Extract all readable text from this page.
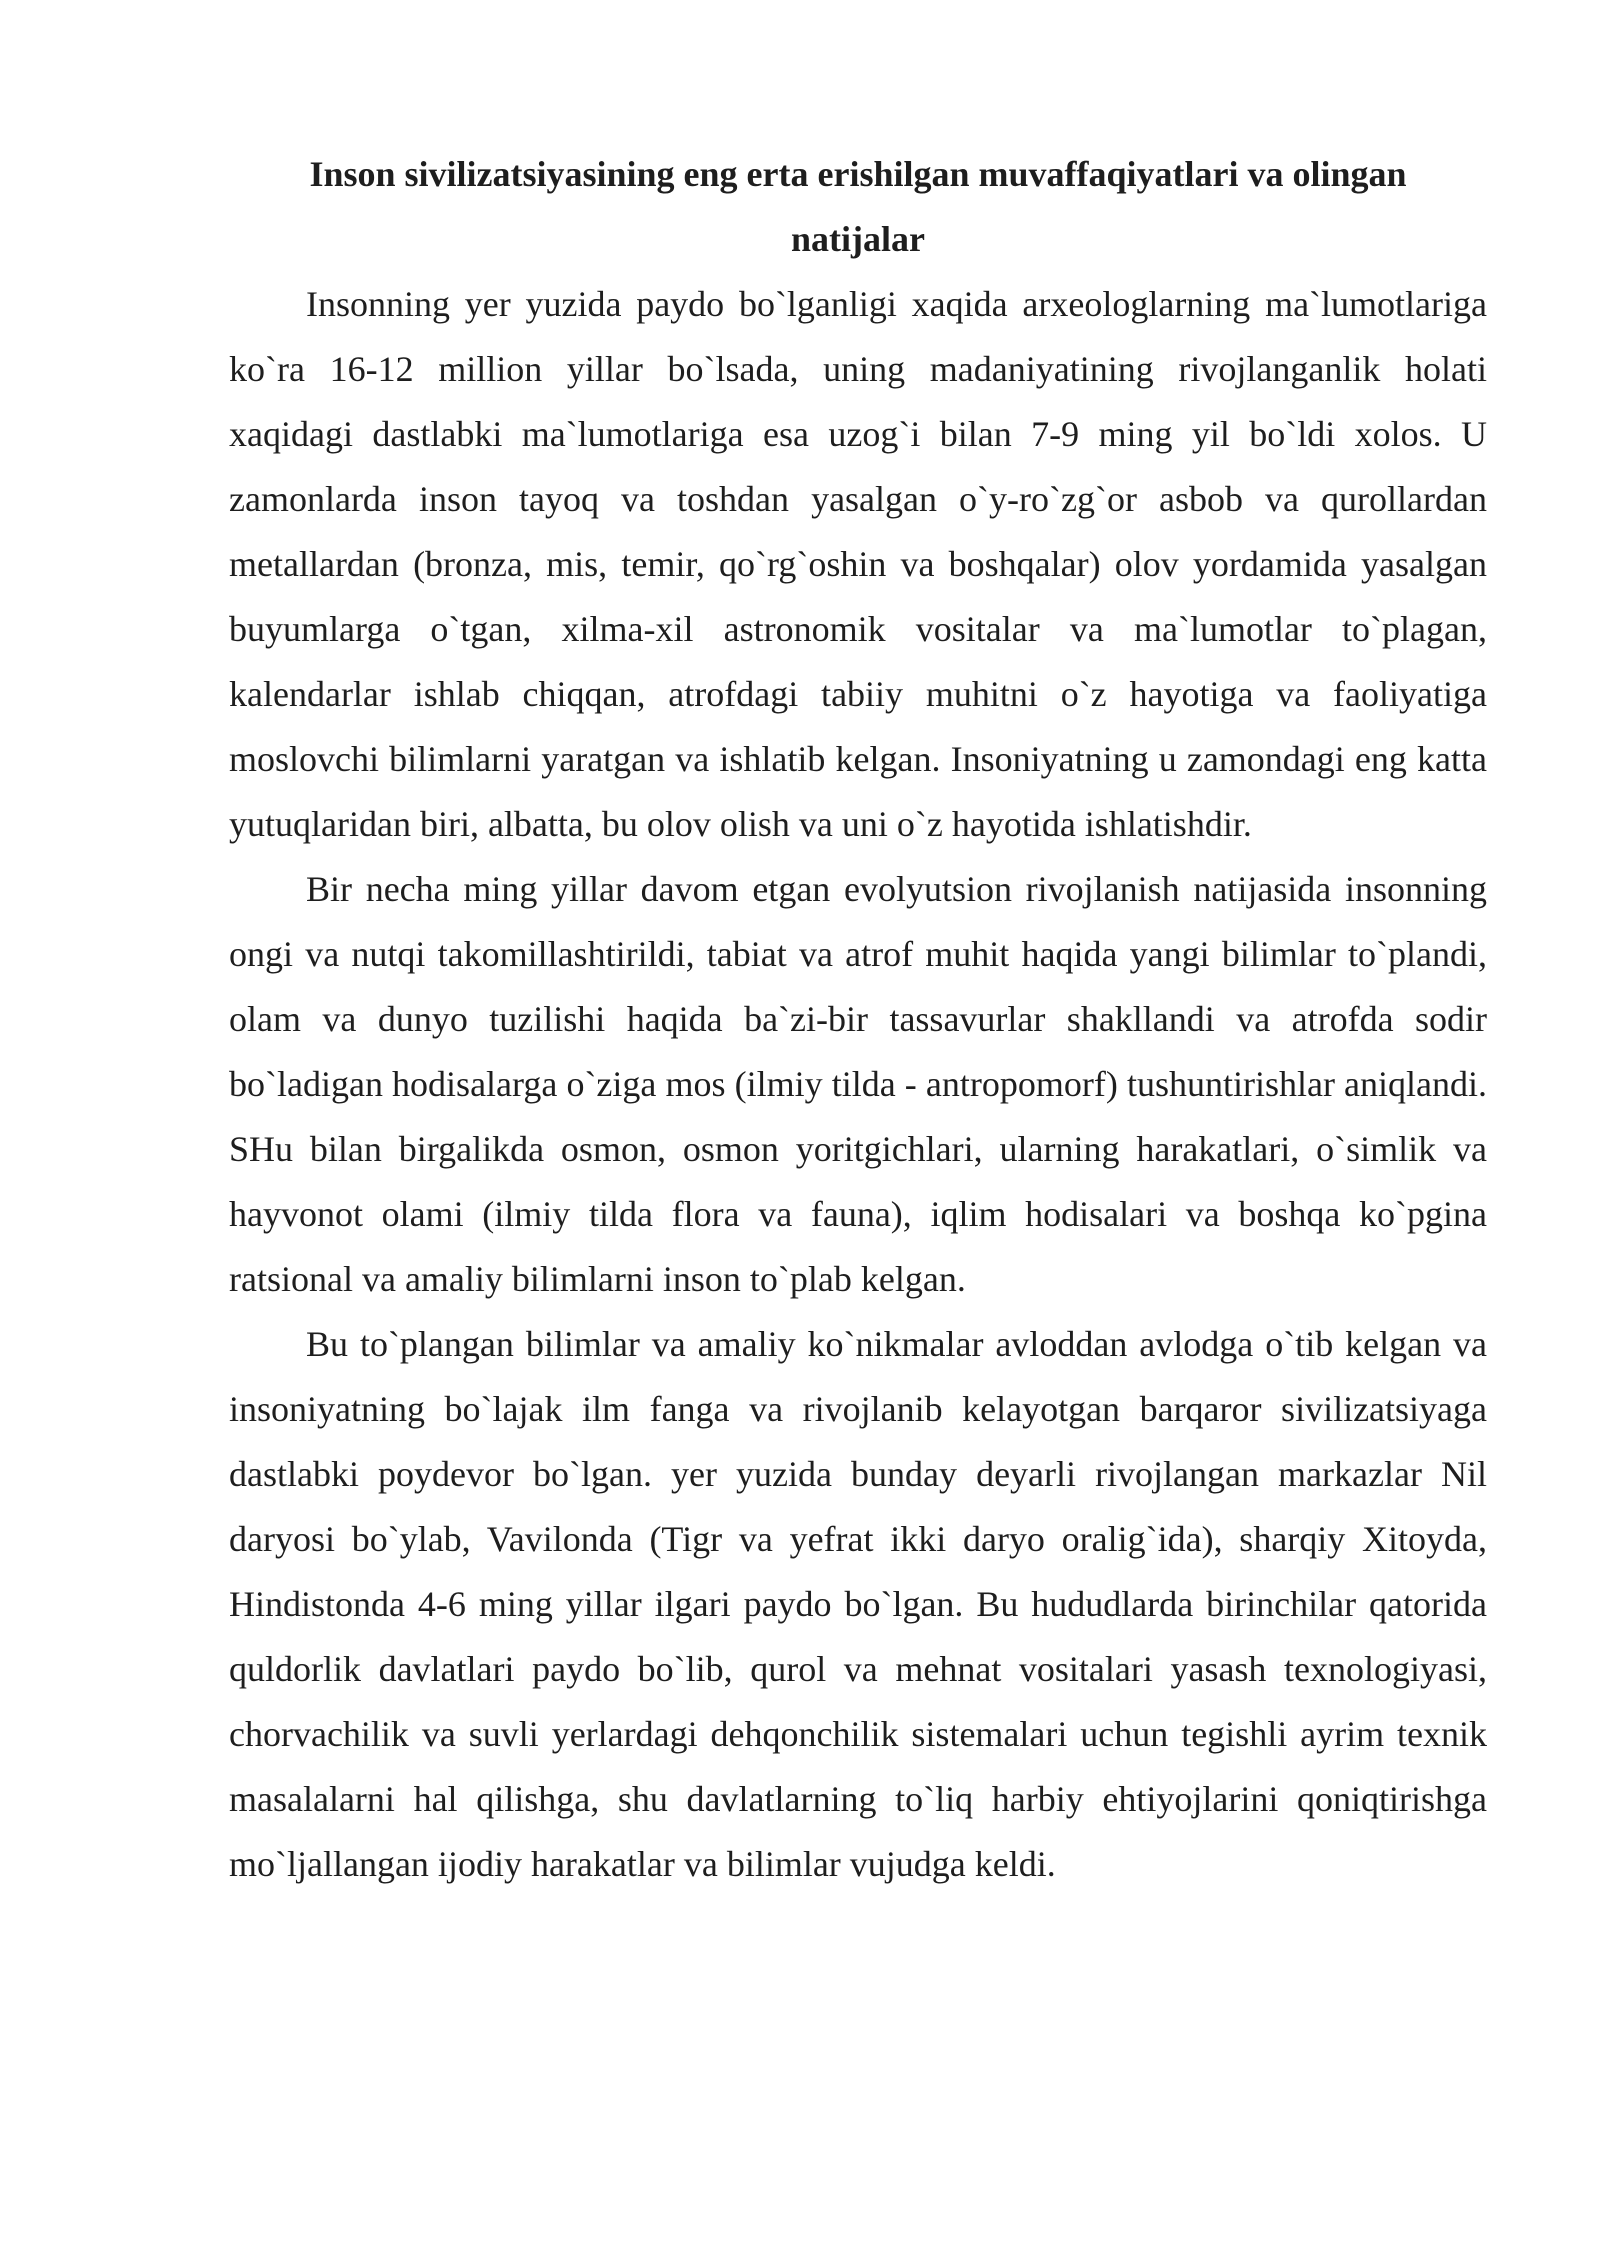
Inson sivilizatsiyasining eng erta erishilgan muvaffaqiyatlari va olingan natijalar

Insonning yer yuzida paydo bo`lganligi xaqida arxeologlarning ma`lumotlariga ko`ra 16-12 million yillar bo`lsada, uning madaniyatining rivojlanganlik holati xaqidagi dastlabki ma`lumotlariga esa uzog`i bilan 7-9 ming yil bo`ldi xolos. U zamonlarda inson tayoq va toshdan yasalgan o`y-ro`zg`or asbob va qurollardan metallardan (bronza, mis, temir, qo`rg`oshin va boshqalar) olov yordamida yasalgan buyumlarga o`tgan, xilma-xil astronomik vositalar va ma`lumotlar to`plagan, kalendarlar ishlab chiqqan, atrofdagi tabiiy muhitni o`z hayotiga va faoliyatiga moslovchi bilimlarni yaratgan va ishlatib kelgan. Insoniyatning u zamondagi eng katta yutuqlaridan biri, albatta, bu olov olish va uni o`z hayotida ishlatishdir.

Bir necha ming yillar davom etgan evolyutsion rivojlanish natijasida insonning ongi va nutqi takomillashtirildi, tabiat va atrof muhit haqida yangi bilimlar to`plandi, olam va dunyo tuzilishi haqida ba`zi-bir tassavurlar shakllandi va atrofda sodir bo`ladigan hodisalarga o`ziga mos (ilmiy tilda - antropomorf) tushuntirishlar aniqlandi. SHu bilan birgalikda osmon, osmon yoritgichlari, ularning harakatlari, o`simlik va hayvonot olami (ilmiy tilda flora va fauna), iqlim hodisalari va boshqa ko`pgina ratsional va amaliy bilimlarni inson to`plab kelgan.

Bu to`plangan bilimlar va amaliy ko`nikmalar avloddan avlodga o`tib kelgan va insoniyatning bo`lajak ilm fanga va rivojlanib kelayotgan barqaror sivilizatsiyaga dastlabki poydevor bo`lgan. yer yuzida bunday deyarli rivojlangan markazlar Nil daryosi bo`ylab, Vavilonda (Tigr va yefrat ikki daryo oralig`ida), sharqiy Xitoyda, Hindistonda 4-6 ming yillar ilgari paydo bo`lgan. Bu hududlarda birinchilar qatorida quldorlik davlatlari paydo bo`lib, qurol va mehnat vositalari yasash texnologiyasi, chorvachilik va suvli yerlardagi dehqonchilik sistemalari uchun tegishli ayrim texnik masalalarni hal qilishga, shu davlatlarning to`liq harbiy ehtiyojlarini qoniqtirishga mo`ljallangan ijodiy harakatlar va bilimlar vujudga keldi.
